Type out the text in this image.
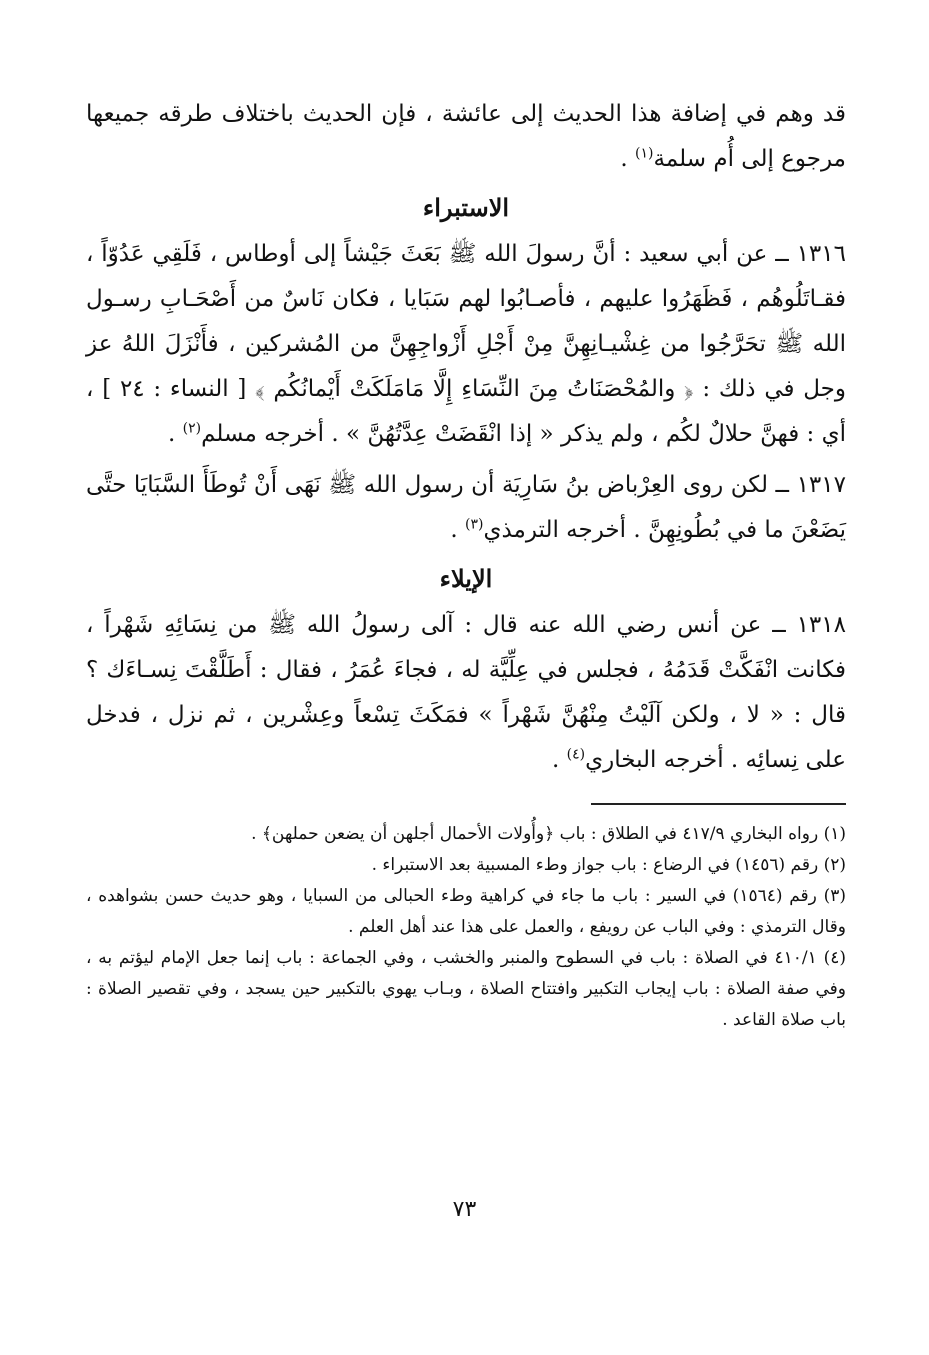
قد وهم في إضافة هذا الحديث إلى عائشة ، فإن الحديث باختلاف طرقه جميعها مرجوع إلى أُم سلمة$^{(١)}$ .

الاستبراء

١٣١٦ ــ عن أبي سعيد : أنَّ رسولَ الله ﷺ بَعَثَ جَيْشاً إلى أوطاس ، فَلَقِي عَدُوّاً ، فقـاتَلُوهُم ، فَظَهَرُوا عليهم ، فأصـابُوا لهم سَبَايا ، فكان نَاسٌ من أَصْحَـابِ رسـول الله ﷺ تحَرَّجُوا من غِشْيـانِهِنَّ مِنْ أَجْلِ أَزْواجِهِنَّ من المُشركين ، فأَنْزَلَ اللهُ عز وجل في ذلك : ﴿ والمُحْصَنَاتُ مِنَ النِّسَاءِ إِلَّا مَامَلَكَتْ أَيْمانُكُم ﴾ [ النساء : ٢٤ ] ، أي : فهنَّ حلالٌ لكُم ، ولم يذكر « إذا انْقَضَتْ عِدَّتُهُنَّ » . أخرجه مسلم$^{(٢)}$ .

١٣١٧ ــ لكن روى العِرْباض بنُ سَارِيَة أن رسول الله ﷺ نَهَى أَنْ تُوطَأَ السَّبَايَا حتَّى يَضَعْنَ ما في بُطُونِهِنَّ . أخرجه الترمذي$^{(٣)}$ .

الإيلاء

١٣١٨ ــ عن أنس رضي الله عنه قال : آلى رسولُ الله ﷺ من نِسَائِهِ شَهْراً ، فكانت انْفَكَّتْ قَدَمُهُ ، فجلس في عِلِّيَّة له ، فجاءَ عُمَرُ ، فقال : أَطَلَّقْتَ نِسـاءَك ؟ قال : « لا ، ولكن آلَيْتُ مِنْهُنَّ شَهْراً » فمَكَثَ تِسْعاً وعِشْرين ، ثم نزل ، فدخل على نِسائِه . أخرجه البخاري$^{(٤)}$ .

(١) رواه البخاري ٤١٧/٩ في الطلاق : باب ﴿وأُولات الأحمال أجلهن أن يضعن حملهن﴾ .

(٢) رقم (١٤٥٦) في الرضاع : باب جواز وطء المسبية بعد الاستبراء .

(٣) رقم (١٥٦٤) في السير : باب ما جاء في كراهية وطء الحبالى من السبايا ، وهو حديث حسن بشواهده ، وقال الترمذي : وفي الباب عن رويفع ، والعمل على هذا عند أهل العلم .

(٤) ٤١٠/١ في الصلاة : باب في السطوح والمنبر والخشب ، وفي الجماعة : باب إنما جعل الإمام ليؤتم به ، وفي صفة الصلاة : باب إيجاب التكبير وافتتاح الصلاة ، وبـاب يهوي بالتكبير حين يسجد ، وفي تقصير الصلاة : باب صلاة القاعد .

٧٣
